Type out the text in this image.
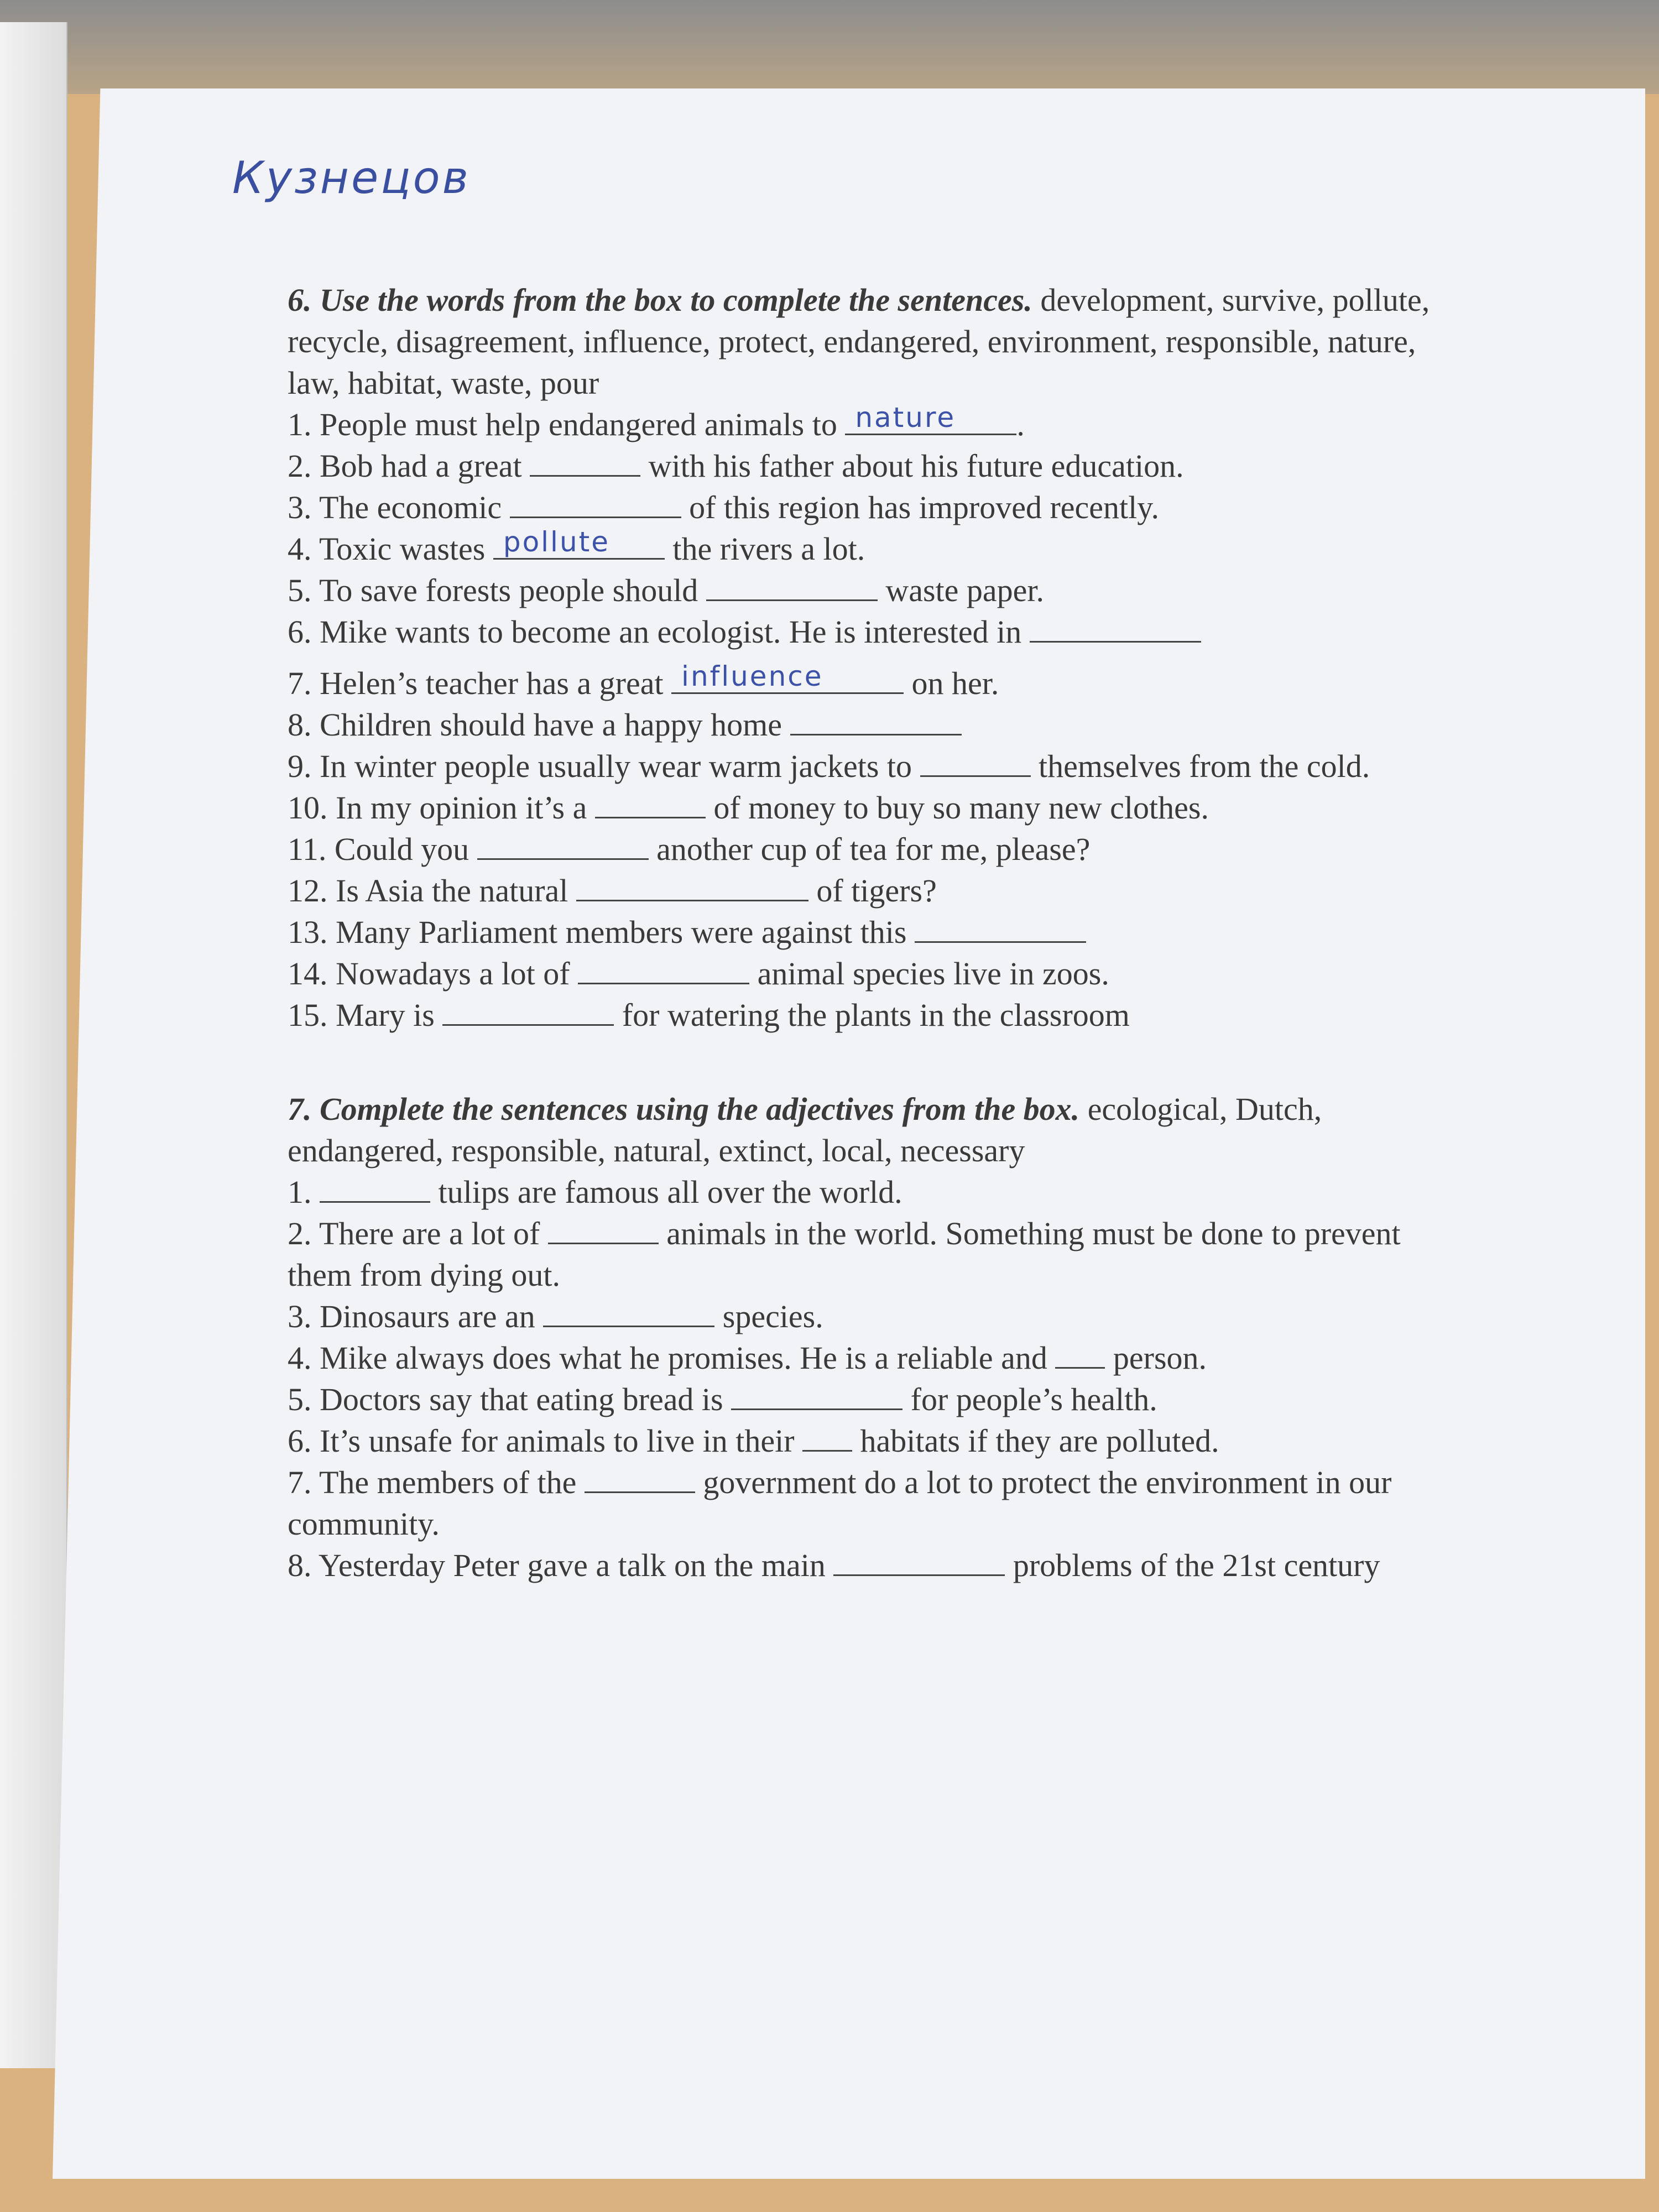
Кузнецов

6. Use the words from the box to complete the sentences. development, survive, pollute, recycle, disagreement, influence, protect, endangered, environment, responsible, nature, law, habitat, waste, pour

1. People must help endangered animals to nature .

2. Bob had a great	with his father about his future education.

3. The economic	of this region has improved recently.

4. Toxic wastes pollute the rivers a lot.

5. To save forests people should	waste paper.

6. Mike wants to become an ecologist. He is interested in

7. Helen’s teacher has a great influence	on her.

8. Children should have a happy home

9. In winter people usually wear warm jackets to	themselves from the cold.

10. In my opinion it’s a	of money to buy so many new clothes.

11. Could you	another cup of tea for me, please?

12. Is Asia the natural	of tigers?

13. Many Parliament members were against this

14. Nowadays a lot of	animal species live in zoos.

15. Mary is	for watering the plants in the classroom

7. Complete the sentences using the adjectives from the box. ecological, Dutch, endangered, responsible, natural, extinct, local, necessary

1.	tulips are famous all over the world.

2. There are a lot of	animals in the world. Something must be done to prevent them from dying out.

3. Dinosaurs are an	species.

4. Mike always does what he promises. He is a reliable and person.

5. Doctors say that eating bread is	for people’s health.

6. It’s unsafe for animals to live in their habitats if they are polluted.

7. The members of the	government do a lot to protect the environment in our community.

8. Yesterday Peter gave a talk on the main	problems of the 21st century
